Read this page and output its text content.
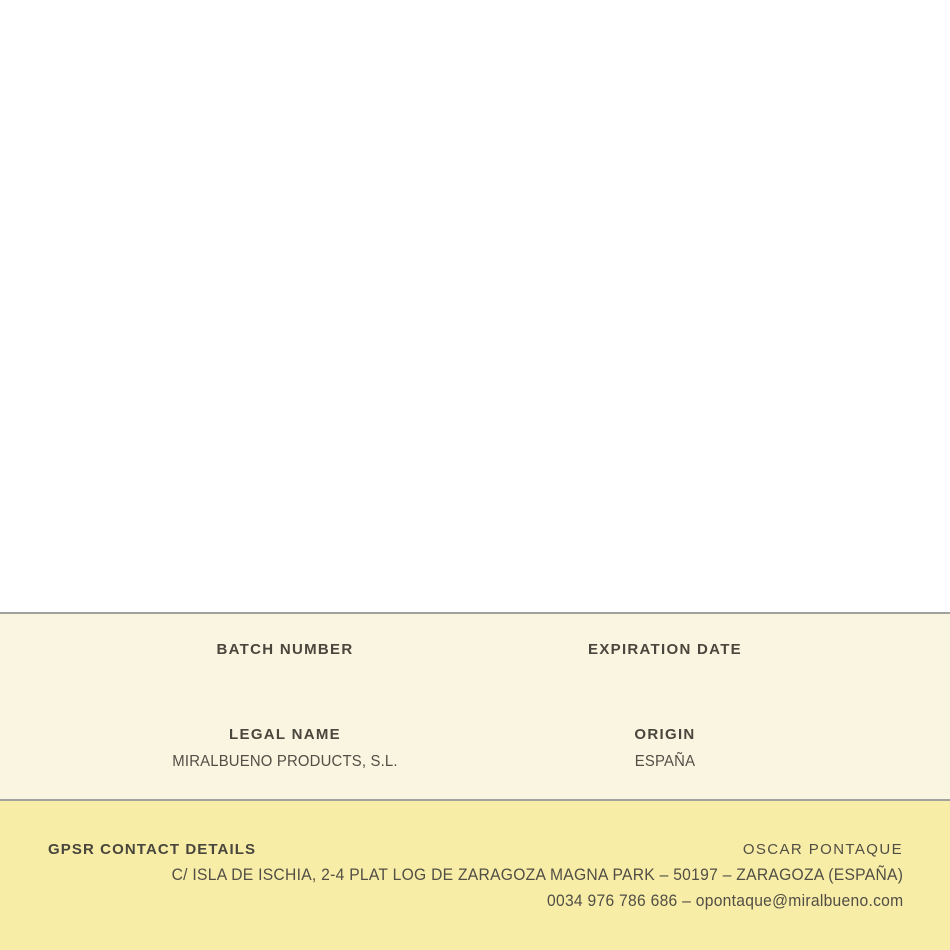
BATCH NUMBER	EXPIRATION DATE
LEGAL NAME
MIRALBUENO PRODUCTS, S.L.
ORIGIN
ESPAÑA
GPSR CONTACT DETAILS	OSCAR PONTAQUE
C/ ISLA DE ISCHIA, 2-4 PLAT LOG DE ZARAGOZA MAGNA PARK – 50197 – ZARAGOZA (ESPAÑA)
0034 976 786 686 – opontaque@miralbueno.com
